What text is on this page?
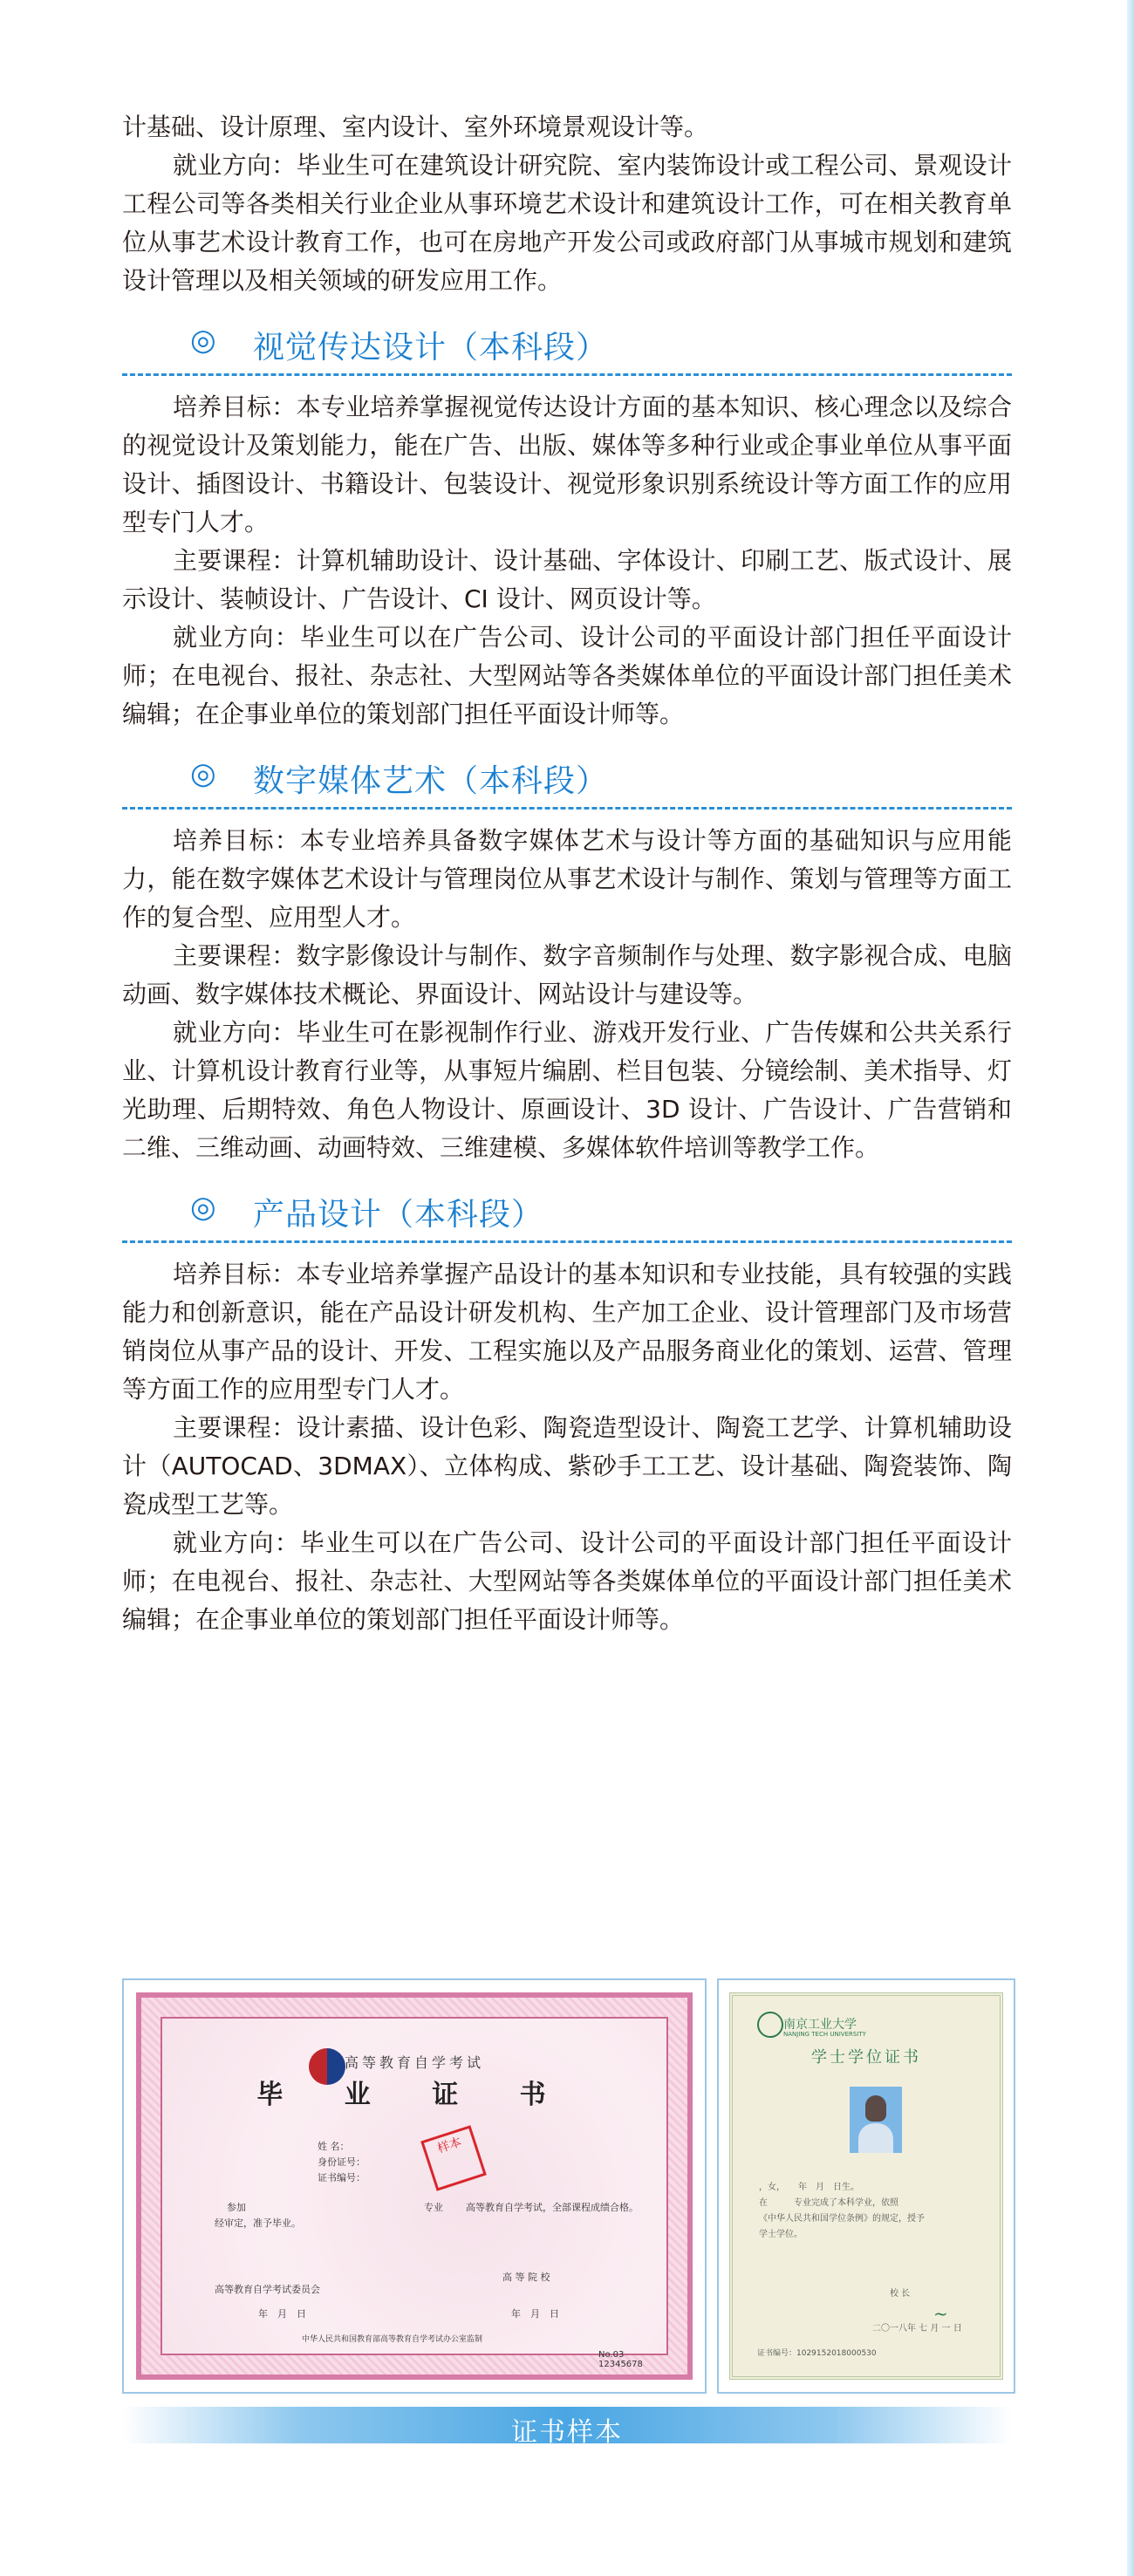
计基础、设计原理、室内设计、室外环境景观设计等。

就业方向：毕业生可在建筑设计研究院、室内装饰设计或工程公司、景观设计工程公司等各类相关行业企业从事环境艺术设计和建筑设计工作，可在相关教育单位从事艺术设计教育工作，也可在房地产开发公司或政府部门从事城市规划和建筑设计管理以及相关领域的研发应用工作。

◎ 视觉传达设计（本科段）

培养目标：本专业培养掌握视觉传达设计方面的基本知识、核心理念以及综合的视觉设计及策划能力，能在广告、出版、媒体等多种行业或企事业单位从事平面设计、插图设计、书籍设计、包装设计、视觉形象识别系统设计等方面工作的应用型专门人才。

主要课程：计算机辅助设计、设计基础、字体设计、印刷工艺、版式设计、展示设计、装帧设计、广告设计、CI 设计、网页设计等。

就业方向：毕业生可以在广告公司、设计公司的平面设计部门担任平面设计师；在电视台、报社、杂志社、大型网站等各类媒体单位的平面设计部门担任美术编辑；在企事业单位的策划部门担任平面设计师等。

◎ 数字媒体艺术（本科段）

培养目标：本专业培养具备数字媒体艺术与设计等方面的基础知识与应用能力，能在数字媒体艺术设计与管理岗位从事艺术设计与制作、策划与管理等方面工作的复合型、应用型人才。

主要课程：数字影像设计与制作、数字音频制作与处理、数字影视合成、电脑动画、数字媒体技术概论、界面设计、网站设计与建设等。

就业方向：毕业生可在影视制作行业、游戏开发行业、广告传媒和公共关系行业、计算机设计教育行业等，从事短片编剧、栏目包装、分镜绘制、美术指导、灯光助理、后期特效、角色人物设计、原画设计、3D 设计、广告设计、广告营销和二维、三维动画、动画特效、三维建模、多媒体软件培训等教学工作。

◎ 产品设计（本科段）

培养目标：本专业培养掌握产品设计的基本知识和专业技能，具有较强的实践能力和创新意识，能在产品设计研发机构、生产加工企业、设计管理部门及市场营销岗位从事产品的设计、开发、工程实施以及产品服务商业化的策划、运营、管理等方面工作的应用型专门人才。

主要课程：设计素描、设计色彩、陶瓷造型设计、陶瓷工艺学、计算机辅助设计（AUTOCAD、3DMAX）、立体构成、紫砂手工工艺、设计基础、陶瓷装饰、陶瓷成型工艺等。

就业方向：毕业生可以在广告公司、设计公司的平面设计部门担任平面设计师；在电视台、报社、杂志社、大型网站等各类媒体单位的平面设计部门担任美术编辑；在企事业单位的策划部门担任平面设计师等。

高等教育自学考试
毕 业 证 书
姓 名：
身份证号：
证书编号：
样本
参加	专业 高等教育自学考试，全部课程成绩合格。
经审定，准予毕业。
高等教育自学考试委员会
高 等 院 校
年　月　日	年　月　日
中华人民共和国教育部高等教育自学考试办公室监制
No.03 12345678
南京工业大学
NANJING TECH UNIVERSITY
学士学位证书
，女，　　年　月　日生。
在　　　专业完成了本科学业，依照
《中华人民共和国学位条例》的规定，授予
学士学位。
校 长
~
二〇一八年 七 月 一 日
证书编号：1029152018000530
证书样本
